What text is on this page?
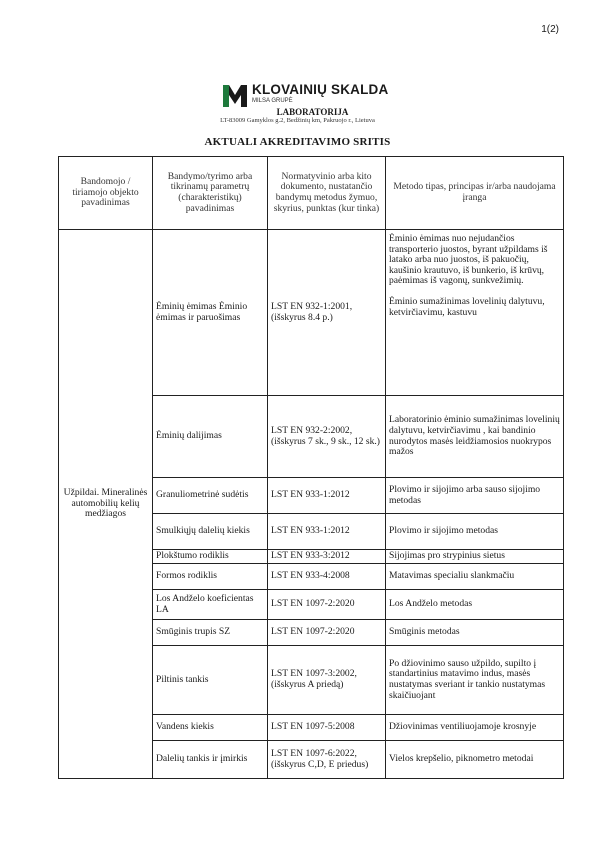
1(2)
KLOVAINIŲ SKALDA
MILSA GRUPĖ
LABORATORIJA
LT-83009 Gamyklos g.2, Bedžinių km, Pakruojo r., Lietuva
AKTUALI AKREDITAVIMO SRITIS
Bandomojo / tiriamojo objekto pavadinimas	Bandymo/tyrimo arba tikrinamų parametrų (charakteristikų) pavadinimas	Normatyvinio arba kito dokumento, nustatančio bandymų metodus žymuo, skyrius, punktas (kur tinka)	Metodo tipas, principas ir/arba naudojama įranga
Užpildai. Mineralinės automobilių kelių medžiagos	Ėminių ėmimas Ėminio ėmimas ir paruošimas	LST EN 932-1:2001, (išskyrus 8.4 p.)	Ėminio ėmimas nuo nejudančios transporterio juostos, byrant užpildams iš latako arba nuo juostos, iš pakuočių, kaušinio krautuvo, iš bunkerio, iš krūvų, paėmimas iš vagonų, sunkvežimių.
Ėminio sumažinimas lovelinių dalytuvu, ketvirčiavimu, kastuvu

	Ėminių dalijimas	LST EN 932-2:2002, (išskyrus 7 sk., 9 sk., 12 sk.)	Laboratorinio ėminio sumažinimas lovelinių dalytuvu, ketvirčiavimu , kai bandinio nurodytos masės leidžiamosios nuokrypos mažos
	Granuliometrinė sudėtis	LST EN 933-1:2012	Plovimo ir sijojimo arba sauso sijojimo metodas
	Smulkiųjų dalelių kiekis	LST EN 933-1:2012	Plovimo ir sijojimo metodas
	Plokštumo rodiklis	LST EN 933-3:2012	Sijojimas pro strypinius sietus
	Formos rodiklis	LST EN 933-4:2008	Matavimas specialiu slankmačiu
	Los Andželo koeficientas LA	LST EN 1097-2:2020	Los Andželo metodas
	Smūginis trupis SZ	LST EN 1097-2:2020	Smūginis metodas
	Piltinis tankis	LST EN 1097-3:2002, (išskyrus A priedą)	Po džiovinimo sauso užpildo, supilto į standartinius matavimo indus, masės nustatymas sveriant ir tankio nustatymas skaičiuojant
	Vandens kiekis	LST EN 1097-5:2008	Džiovinimas ventiliuojamoje krosnyje
	Dalelių tankis ir įmirkis	LST EN 1097-6:2022, (išskyrus C,D, E priedus)	Vielos krepšelio, piknometro metodai
